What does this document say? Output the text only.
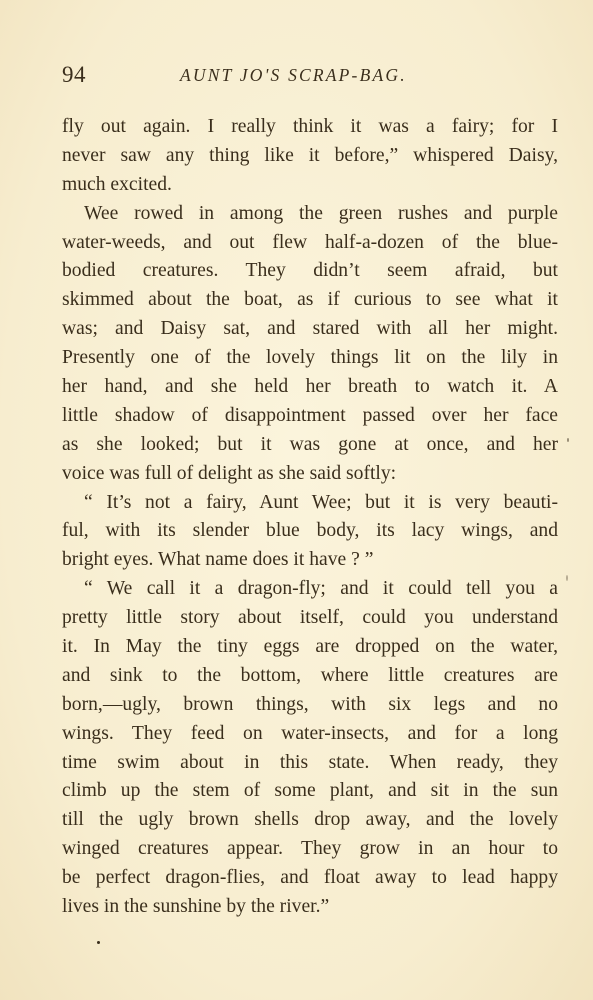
94	AUNT JO'S SCRAP-BAG.
fly out again. I really think it was a fairy; for I
never saw any thing like it before,” whispered Daisy,
much excited.
Wee rowed in among the green rushes and purple
water-weeds, and out flew half-a-dozen of the blue-
bodied creatures. They didn’t seem afraid, but
skimmed about the boat, as if curious to see what it
was; and Daisy sat, and stared with all her might.
Presently one of the lovely things lit on the lily in
her hand, and she held her breath to watch it. A
little shadow of disappointment passed over her face
as she looked; but it was gone at once, and her
voice was full of delight as she said softly:
“ It’s not a fairy, Aunt Wee; but it is very beauti-
ful, with its slender blue body, its lacy wings, and
bright eyes. What name does it have ? ”
“ We call it a dragon-fly; and it could tell you a
pretty little story about itself, could you understand
it. In May the tiny eggs are dropped on the water,
and sink to the bottom, where little creatures are
born,—ugly, brown things, with six legs and no
wings. They feed on water-insects, and for a long
time swim about in this state. When ready, they
climb up the stem of some plant, and sit in the sun
till the ugly brown shells drop away, and the lovely
winged creatures appear. They grow in an hour to
be perfect dragon-flies, and float away to lead happy
lives in the sunshine by the river.”
